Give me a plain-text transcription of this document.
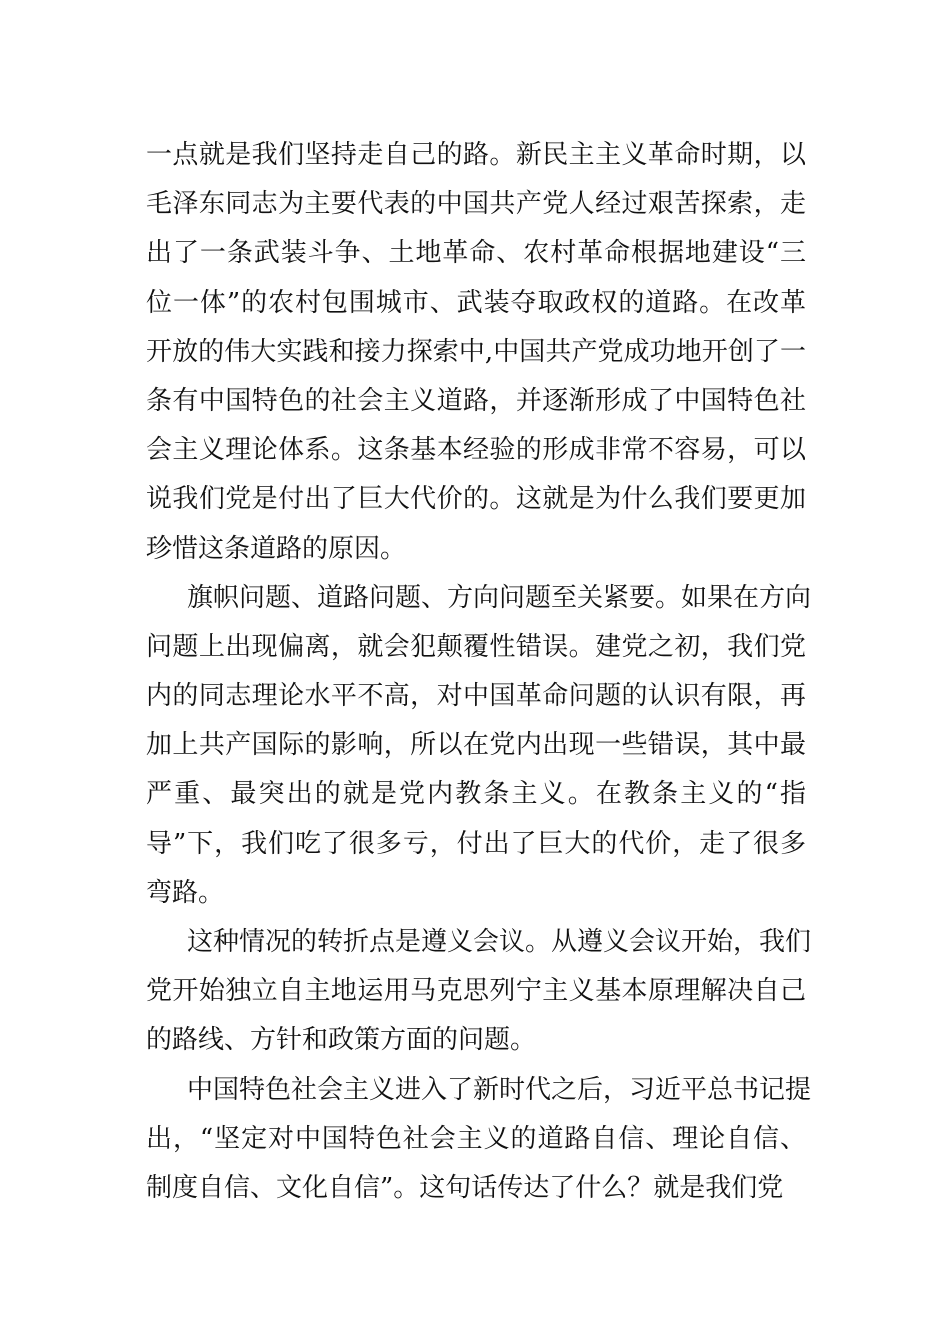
一点就是我们坚持走自己的路。新民主主义革命时期，以
毛泽东同志为主要代表的中国共产党人经过艰苦探索，走
出了一条武装斗争、土地革命、农村革命根据地建设“三
位一体”的农村包围城市、武装夺取政权的道路。在改革
开放的伟大实践和接力探索中,中国共产党成功地开创了一
条有中国特色的社会主义道路，并逐渐形成了中国特色社
会主义理论体系。这条基本经验的形成非常不容易，可以
说我们党是付出了巨大代价的。这就是为什么我们要更加
珍惜这条道路的原因。
旗帜问题、道路问题、方向问题至关紧要。如果在方向
问题上出现偏离，就会犯颠覆性错误。建党之初，我们党
内的同志理论水平不高，对中国革命问题的认识有限，再
加上共产国际的影响，所以在党内出现一些错误，其中最
严重、最突出的就是党内教条主义。在教条主义的“指
导”下，我们吃了很多亏，付出了巨大的代价，走了很多
弯路。
这种情况的转折点是遵义会议。从遵义会议开始，我们
党开始独立自主地运用马克思列宁主义基本原理解决自己
的路线、方针和政策方面的问题。
中国特色社会主义进入了新时代之后，习近平总书记提
出，“坚定对中国特色社会主义的道路自信、理论自信、
制度自信、文化自信”。这句话传达了什么？就是我们党
